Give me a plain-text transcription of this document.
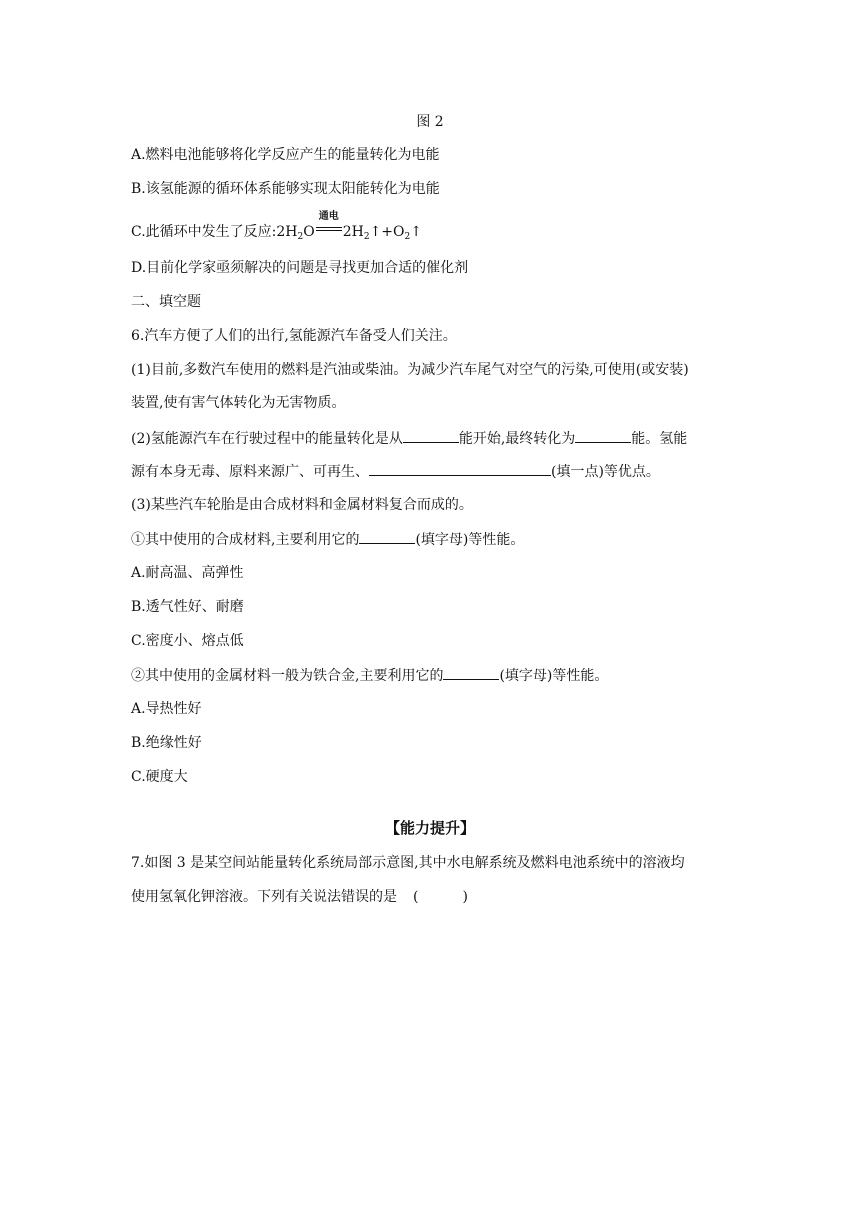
图 2
A.燃料电池能够将化学反应产生的能量转化为电能
B.该氢能源的循环体系能够实现太阳能转化为电能
C.此循环中发生了反应$:2H_2O$
通电
$2H_2↑+O_2↑$
D.目前化学家亟须解决的问题是寻找更加合适的催化剂
二、填空题
6.汽车方便了人们的出行,氢能源汽车备受人们关注。
(1)目前,多数汽车使用的燃料是汽油或柴油。为减少汽车尾气对空气的污染,可使用(或安装)
装置,使有害气体转化为无害物质。
(2)氢能源汽车在行驶过程中的能量转化是从	能开始,最终转化为	能。氢能
源有本身无毒、原料来源广、可再生、	(填一点)等优点。
(3)某些汽车轮胎是由合成材料和金属材料复合而成的。
①其中使用的合成材料,主要利用它的	(填字母)等性能。
A.耐高温、高弹性
B.透气性好、耐磨
C.密度小、熔点低
②其中使用的金属材料一般为铁合金,主要利用它的	(填字母)等性能。
A.导热性好
B.绝缘性好
C.硬度大
【能力提升】
7.如图 3 是某空间站能量转化系统局部示意图,其中水电解系统及燃料电池系统中的溶液均
使用氢氧化钾溶液。下列有关说法错误的是 (	)
